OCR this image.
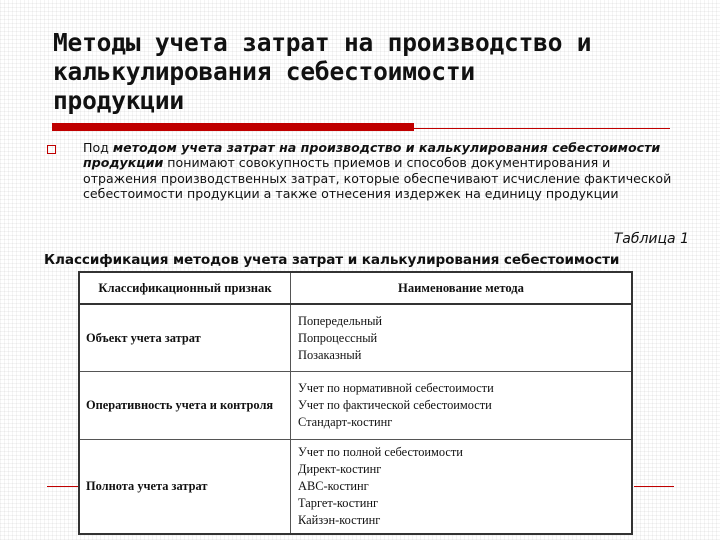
Методы учета затрат на производство и
калькулирования себестоимости
продукции
Под методом учета затрат на производство и калькулирования себестоимости продукции понимают совокупность приемов и способов документирования и отражения производственных затрат, которые обеспечивают исчисление фактической себестоимости продукции а также отнесения издержек на единицу продукции
Таблица 1
Классификация методов учета затрат и калькулирования себестоимости
Классификационный признак	Наименование метода
Объект учета затрат	Попередельный
Попроцессный
Позаказный

Оперативность учета и контроля	Учет по нормативной себестоимости
Учет по фактической себестоимости
Стандарт-костинг

Полнота учета затрат	Учет по полной себестоимости
Директ-костинг
АВС-костинг
Таргет-костинг
Кайзэн-костинг
